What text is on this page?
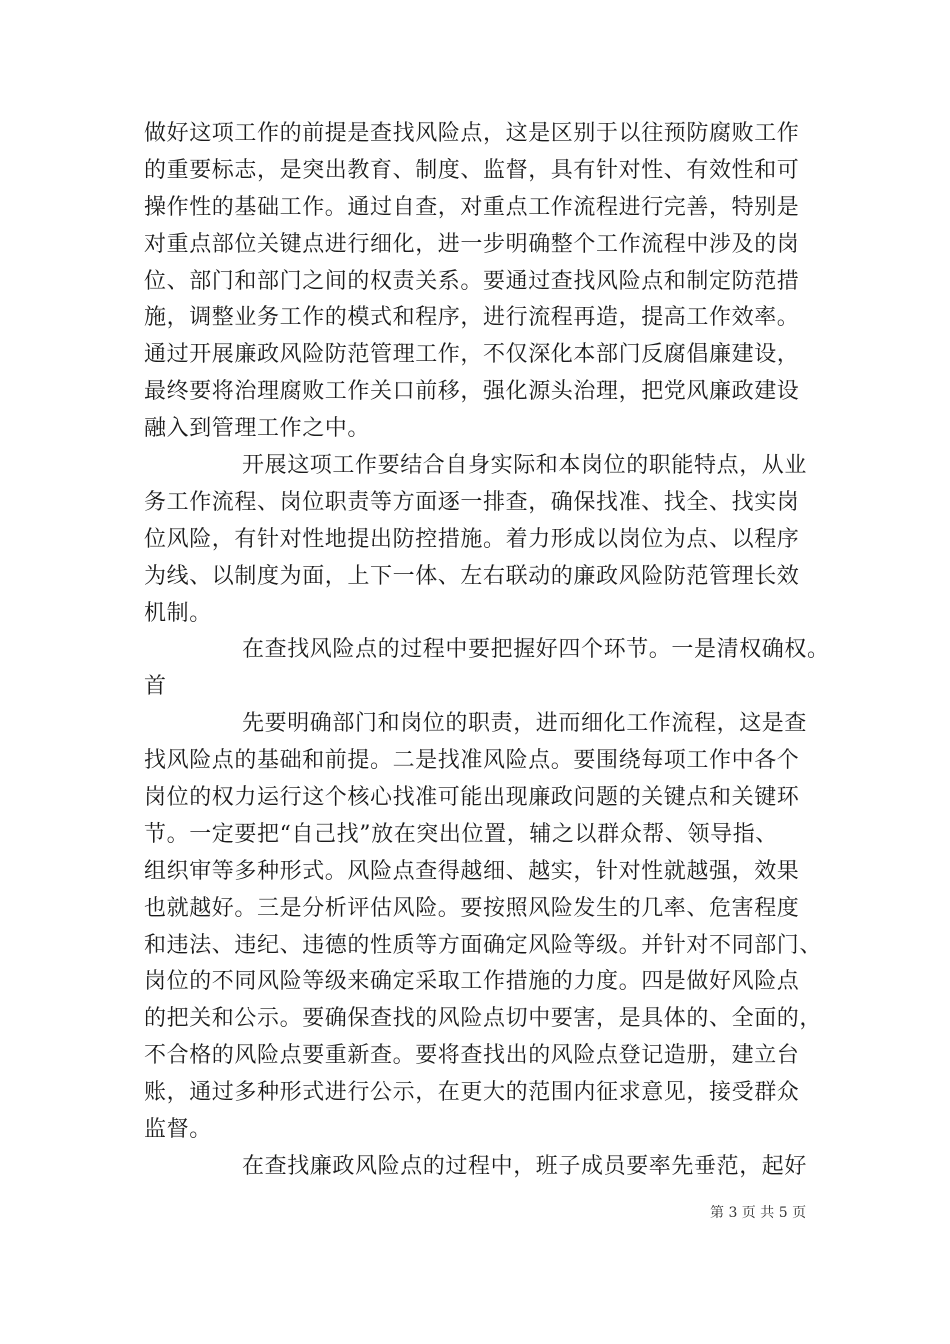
做好这项工作的前提是查找风险点，这是区别于以往预防腐败工作
的重要标志，是突出教育、制度、监督，具有针对性、有效性和可
操作性的基础工作。通过自查，对重点工作流程进行完善，特别是
对重点部位关键点进行细化，进一步明确整个工作流程中涉及的岗
位、部门和部门之间的权责关系。要通过查找风险点和制定防范措
施，调整业务工作的模式和程序，进行流程再造，提高工作效率。
通过开展廉政风险防范管理工作，不仅深化本部门反腐倡廉建设，
最终要将治理腐败工作关口前移，强化源头治理，把党风廉政建设
融入到管理工作之中。
开展这项工作要结合自身实际和本岗位的职能特点，从业
务工作流程、岗位职责等方面逐一排查，确保找准、找全、找实岗
位风险，有针对性地提出防控措施。着力形成以岗位为点、以程序
为线、以制度为面，上下一体、左右联动的廉政风险防范管理长效
机制。
在查找风险点的过程中要把握好四个环节。一是清权确权。
首
先要明确部门和岗位的职责，进而细化工作流程，这是查
找风险点的基础和前提。二是找准风险点。要围绕每项工作中各个
岗位的权力运行这个核心找准可能出现廉政问题的关键点和关键环
节。一定要把“自己找”放在突出位置，辅之以群众帮、领导指、
组织审等多种形式。风险点查得越细、越实，针对性就越强，效果
也就越好。三是分析评估风险。要按照风险发生的几率、危害程度
和违法、违纪、违德的性质等方面确定风险等级。并针对不同部门、
岗位的不同风险等级来确定采取工作措施的力度。四是做好风险点
的把关和公示。要确保查找的风险点切中要害，是具体的、全面的，
不合格的风险点要重新查。要将查找出的风险点登记造册，建立台
账，通过多种形式进行公示，在更大的范围内征求意见，接受群众
监督。
在查找廉政风险点的过程中，班子成员要率先垂范，起好
第 3 页 共 5 页
